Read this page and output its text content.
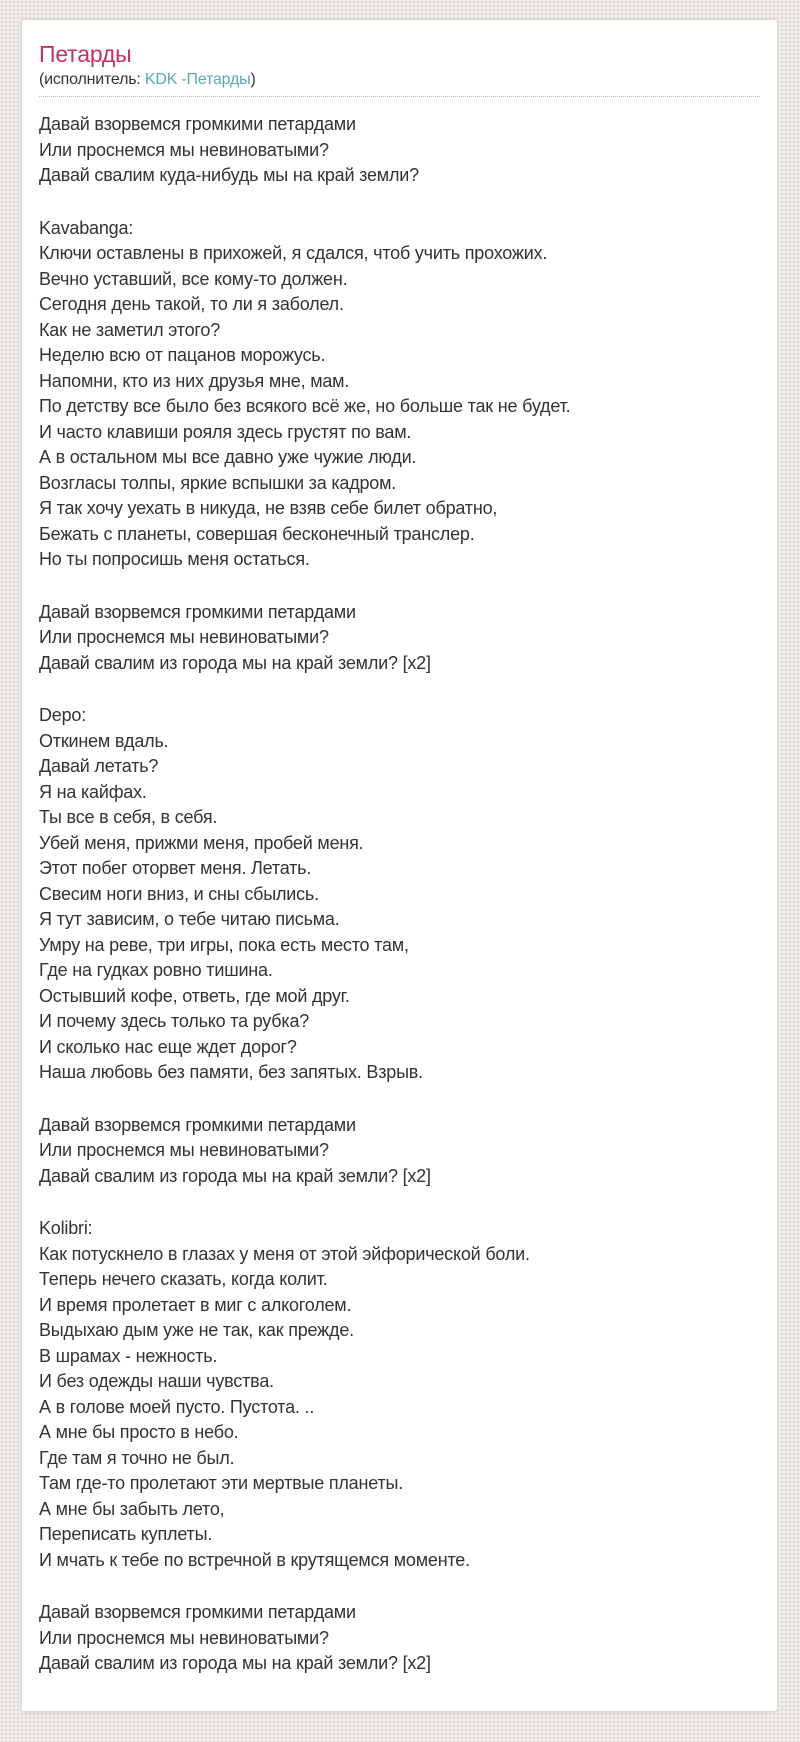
Петарды
(исполнитель: KDK -Петарды)
Давай взорвемся громкими петардами
Или проснемся мы невиноватыми?
Давай свалим куда-нибудь мы на край земли?
Kavabanga:
Ключи оставлены в прихожей, я сдался, чтоб учить прохожих.
Вечно уставший, все кому-то должен.
Сегодня день такой, то ли я заболел.
Как не заметил этого?
Неделю всю от пацанов морожусь.
Напомни, кто из них друзья мне, мам.
По детству все было без всякого всё же, но больше так не будет.
И часто клавиши рояля здесь грустят по вам.
А в остальном мы все давно уже чужие люди.
Возгласы толпы, яркие вспышки за кадром.
Я так хочу уехать в никуда, не взяв себе билет обратно,
Бежать с планеты, совершая бесконечный транслер.
Но ты попросишь меня остаться.
Давай взорвемся громкими петардами
Или проснемся мы невиноватыми?
Давай свалим из города мы на край земли? [x2]
Depo:
Откинем вдаль.
Давай летать?
Я на кайфах.
Ты все в себя, в себя.
Убей меня, прижми меня, пробей меня.
Этот побег оторвет меня. Летать.
Свесим ноги вниз, и сны сбылись.
Я тут зависим, о тебе читаю письма.
Умру на реве, три игры, пока есть место там,
Где на гудках ровно тишина.
Остывший кофе, ответь, где мой друг.
И почему здесь только та рубка?
И сколько нас еще ждет дорог?
Наша любовь без памяти, без запятых. Взрыв.
Давай взорвемся громкими петардами
Или проснемся мы невиноватыми?
Давай свалим из города мы на край земли? [x2]
Kolibri:
Как потускнело в глазах у меня от этой эйфорической боли.
Теперь нечего сказать, когда колит.
И время пролетает в миг с алкоголем.
Выдыхаю дым уже не так, как прежде.
В шрамах - нежность.
И без одежды наши чувства.
А в голове моей пусто. Пустота. ..
А мне бы просто в небо.
Где там я точно не был.
Там где-то пролетают эти мертвые планеты.
А мне бы забыть лето,
Переписать куплеты.
И мчать к тебе по встречной в крутящемся моменте.
Давай взорвемся громкими петардами
Или проснемся мы невиноватыми?
Давай свалим из города мы на край земли? [x2]
